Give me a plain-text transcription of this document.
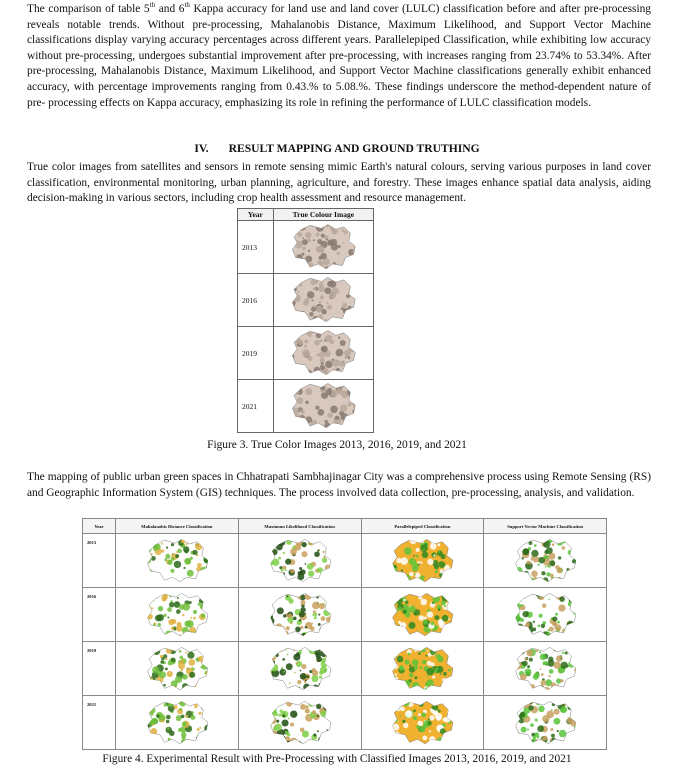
The comparison of table 5th and 6th Kappa accuracy for land use and land cover (LULC) classification before and after pre-processing reveals notable trends. Without pre-processing, Mahalanobis Distance, Maximum Likelihood, and Support Vector Machine classifications display varying accuracy percentages across different years. Parallelepiped Classification, while exhibiting low accuracy without pre-processing, undergoes substantial improvement after pre-processing, with increases ranging from 23.74% to 53.34%. After pre-processing, Mahalanobis Distance, Maximum Likelihood, and Support Vector Machine classifications generally exhibit enhanced accuracy, with percentage improvements ranging from 0.43.% to 5.08.%. These findings underscore the method-dependent nature of pre- processing effects on Kappa accuracy, emphasizing its role in refining the performance of LULC classification models.

IV. RESULT MAPPING AND GROUND TRUTHING

True color images from satellites and sensors in remote sensing mimic Earth's natural colours, serving various purposes in land cover classification, environmental monitoring, urban planning, agriculture, and forestry. These images enhance spatial data analysis, aiding decision-making in various sectors, including crop health assessment and resource management.

Year	True Colour Image
2013	

2016	

2019	

2021	

Figure 3. True Color Images 2013, 2016, 2019, and 2021

The mapping of public urban green spaces in Chhatrapati Sambhajinagar City was a comprehensive process using Remote Sensing (RS) and Geographic Information System (GIS) techniques. The process involved data collection, pre-processing, analysis, and validation.

Year	Mahalanobis Distance Classification	Maximum Likelihood Classification	Parallelepiped Classification	Support Vector Machine Classification
2013	

2016	

2019	

2021	

Figure 4. Experimental Result with Pre-Processing with Classified Images 2013, 2016, 2019, and 2021
